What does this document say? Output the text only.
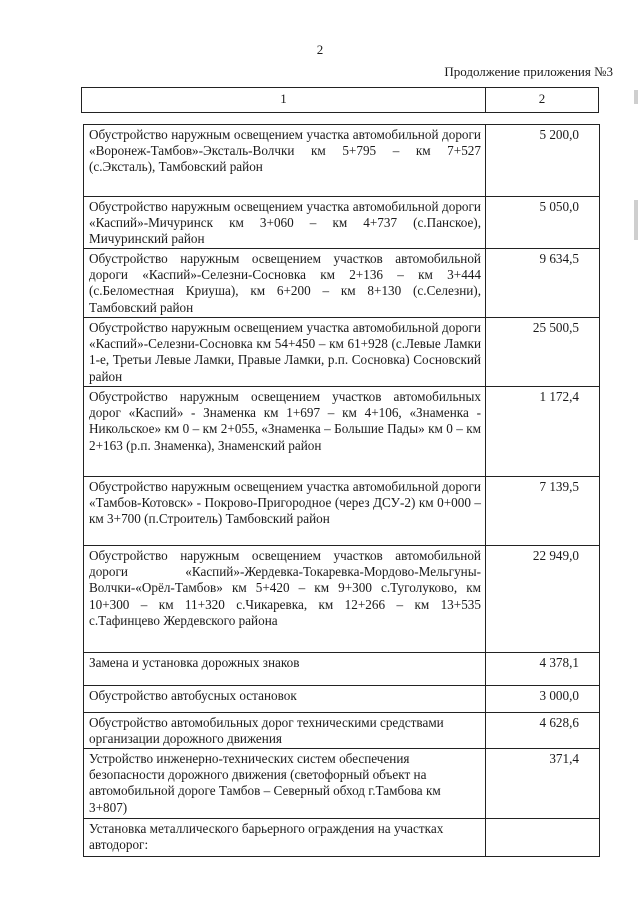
2
Продолжение приложения №3
1	2
Обустройство наружным освещением участка автомобильной дороги «Воронеж-Тамбов»-Эксталь-Волчки км 5+795 – км 7+527 (с.Эксталь), Тамбовский район	5 200,0
Обустройство наружным освещением участка автомобильной дороги «Каспий»-Мичуринск км 3+060 – км 4+737 (с.Панское), Мичуринский район	5 050,0
Обустройство наружным освещением участков автомобильной дороги «Каспий»-Селезни-Сосновка км 2+136 – км 3+444 (с.Беломестная Криуша), км 6+200 – км 8+130 (с.Селезни), Тамбовский район	9 634,5
Обустройство наружным освещением участка автомобильной дороги «Каспий»-Селезни-Сосновка км 54+450 – км 61+928 (с.Левые Ламки 1-е, Третьи Левые Ламки, Правые Ламки, р.п. Сосновка) Сосновский район	25 500,5
Обустройство наружным освещением участков автомобильных дорог «Каспий» - Знаменка км 1+697 – км 4+106, «Знаменка - Никольское» км 0 – км 2+055, «Знаменка – Большие Пады» км 0 – км 2+163 (р.п. Знаменка), Знаменский район	1 172,4
Обустройство наружным освещением участка автомобильной дороги «Тамбов-Котовск» - Покрово-Пригородное (через ДСУ-2) км 0+000 – км 3+700 (п.Строитель) Тамбовский район	7 139,5
Обустройство наружным освещением участков автомобильной дороги «Каспий»-Жердевка-Токаревка-Мордово-Мельгуны-Волчки-«Орёл-Тамбов» км 5+420 – км 9+300 с.Туголуково, км 10+300 – км 11+320 с.Чикаревка, км 12+266 – км 13+535 с.Тафинцево Жердевского района	22 949,0
Замена и установка дорожных знаков	4 378,1
Обустройство автобусных остановок	3 000,0
Обустройство автомобильных дорог техническими средствами организации дорожного движения	4 628,6
Устройство инженерно-технических систем обеспечения безопасности дорожного движения (светофорный объект на автомобильной дороге Тамбов – Северный обход г.Тамбова км 3+807)	371,4
Установка металлического барьерного ограждения на участках автодорог:	
